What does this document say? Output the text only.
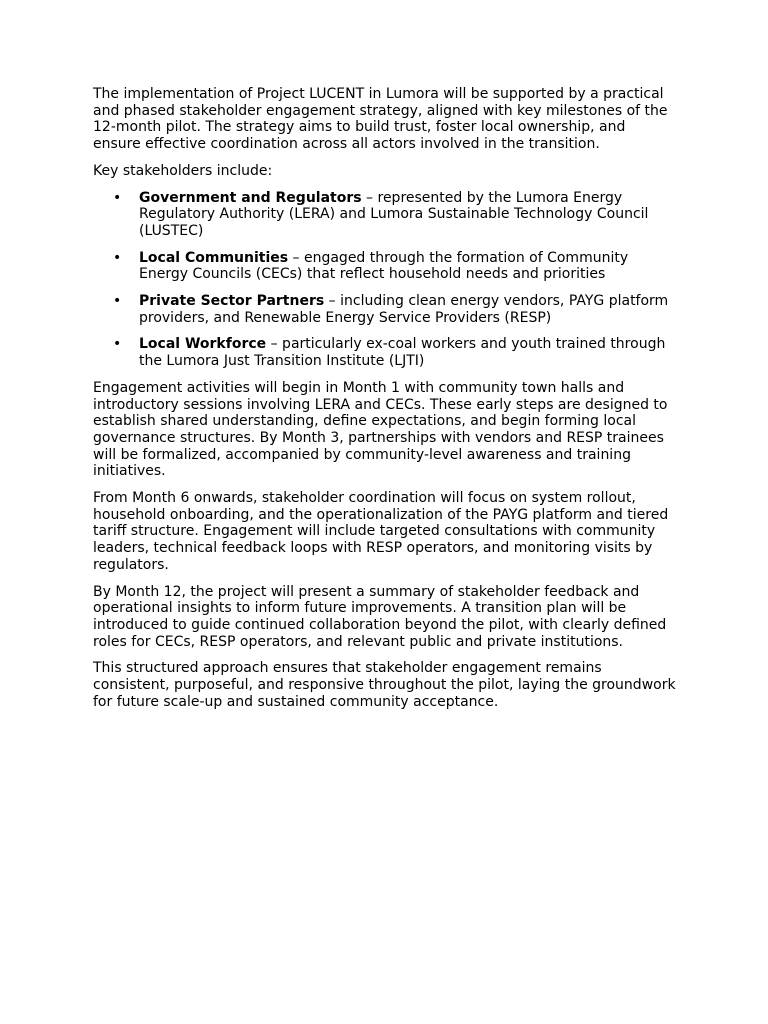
The implementation of Project LUCENT in Lumora will be supported by a practical and phased stakeholder engagement strategy, aligned with key milestones of the 12-month pilot. The strategy aims to build trust, foster local ownership, and ensure effective coordination across all actors involved in the transition.

Key stakeholders include:

• Government and Regulators – represented by the Lumora Energy Regulatory Authority (LERA) and Lumora Sustainable Technology Council (LUSTEC)
• Local Communities – engaged through the formation of Community Energy Councils (CECs) that reflect household needs and priorities
• Private Sector Partners – including clean energy vendors, PAYG platform providers, and Renewable Energy Service Providers (RESP)
• Local Workforce – particularly ex-coal workers and youth trained through the Lumora Just Transition Institute (LJTI)

Engagement activities will begin in Month 1 with community town halls and introductory sessions involving LERA and CECs. These early steps are designed to establish shared understanding, define expectations, and begin forming local governance structures. By Month 3, partnerships with vendors and RESP trainees will be formalized, accompanied by community-level awareness and training initiatives.

From Month 6 onwards, stakeholder coordination will focus on system rollout, household onboarding, and the operationalization of the PAYG platform and tiered tariff structure. Engagement will include targeted consultations with community leaders, technical feedback loops with RESP operators, and monitoring visits by regulators.

By Month 12, the project will present a summary of stakeholder feedback and operational insights to inform future improvements. A transition plan will be introduced to guide continued collaboration beyond the pilot, with clearly defined roles for CECs, RESP operators, and relevant public and private institutions.

This structured approach ensures that stakeholder engagement remains consistent, purposeful, and responsive throughout the pilot, laying the groundwork for future scale-up and sustained community acceptance.
